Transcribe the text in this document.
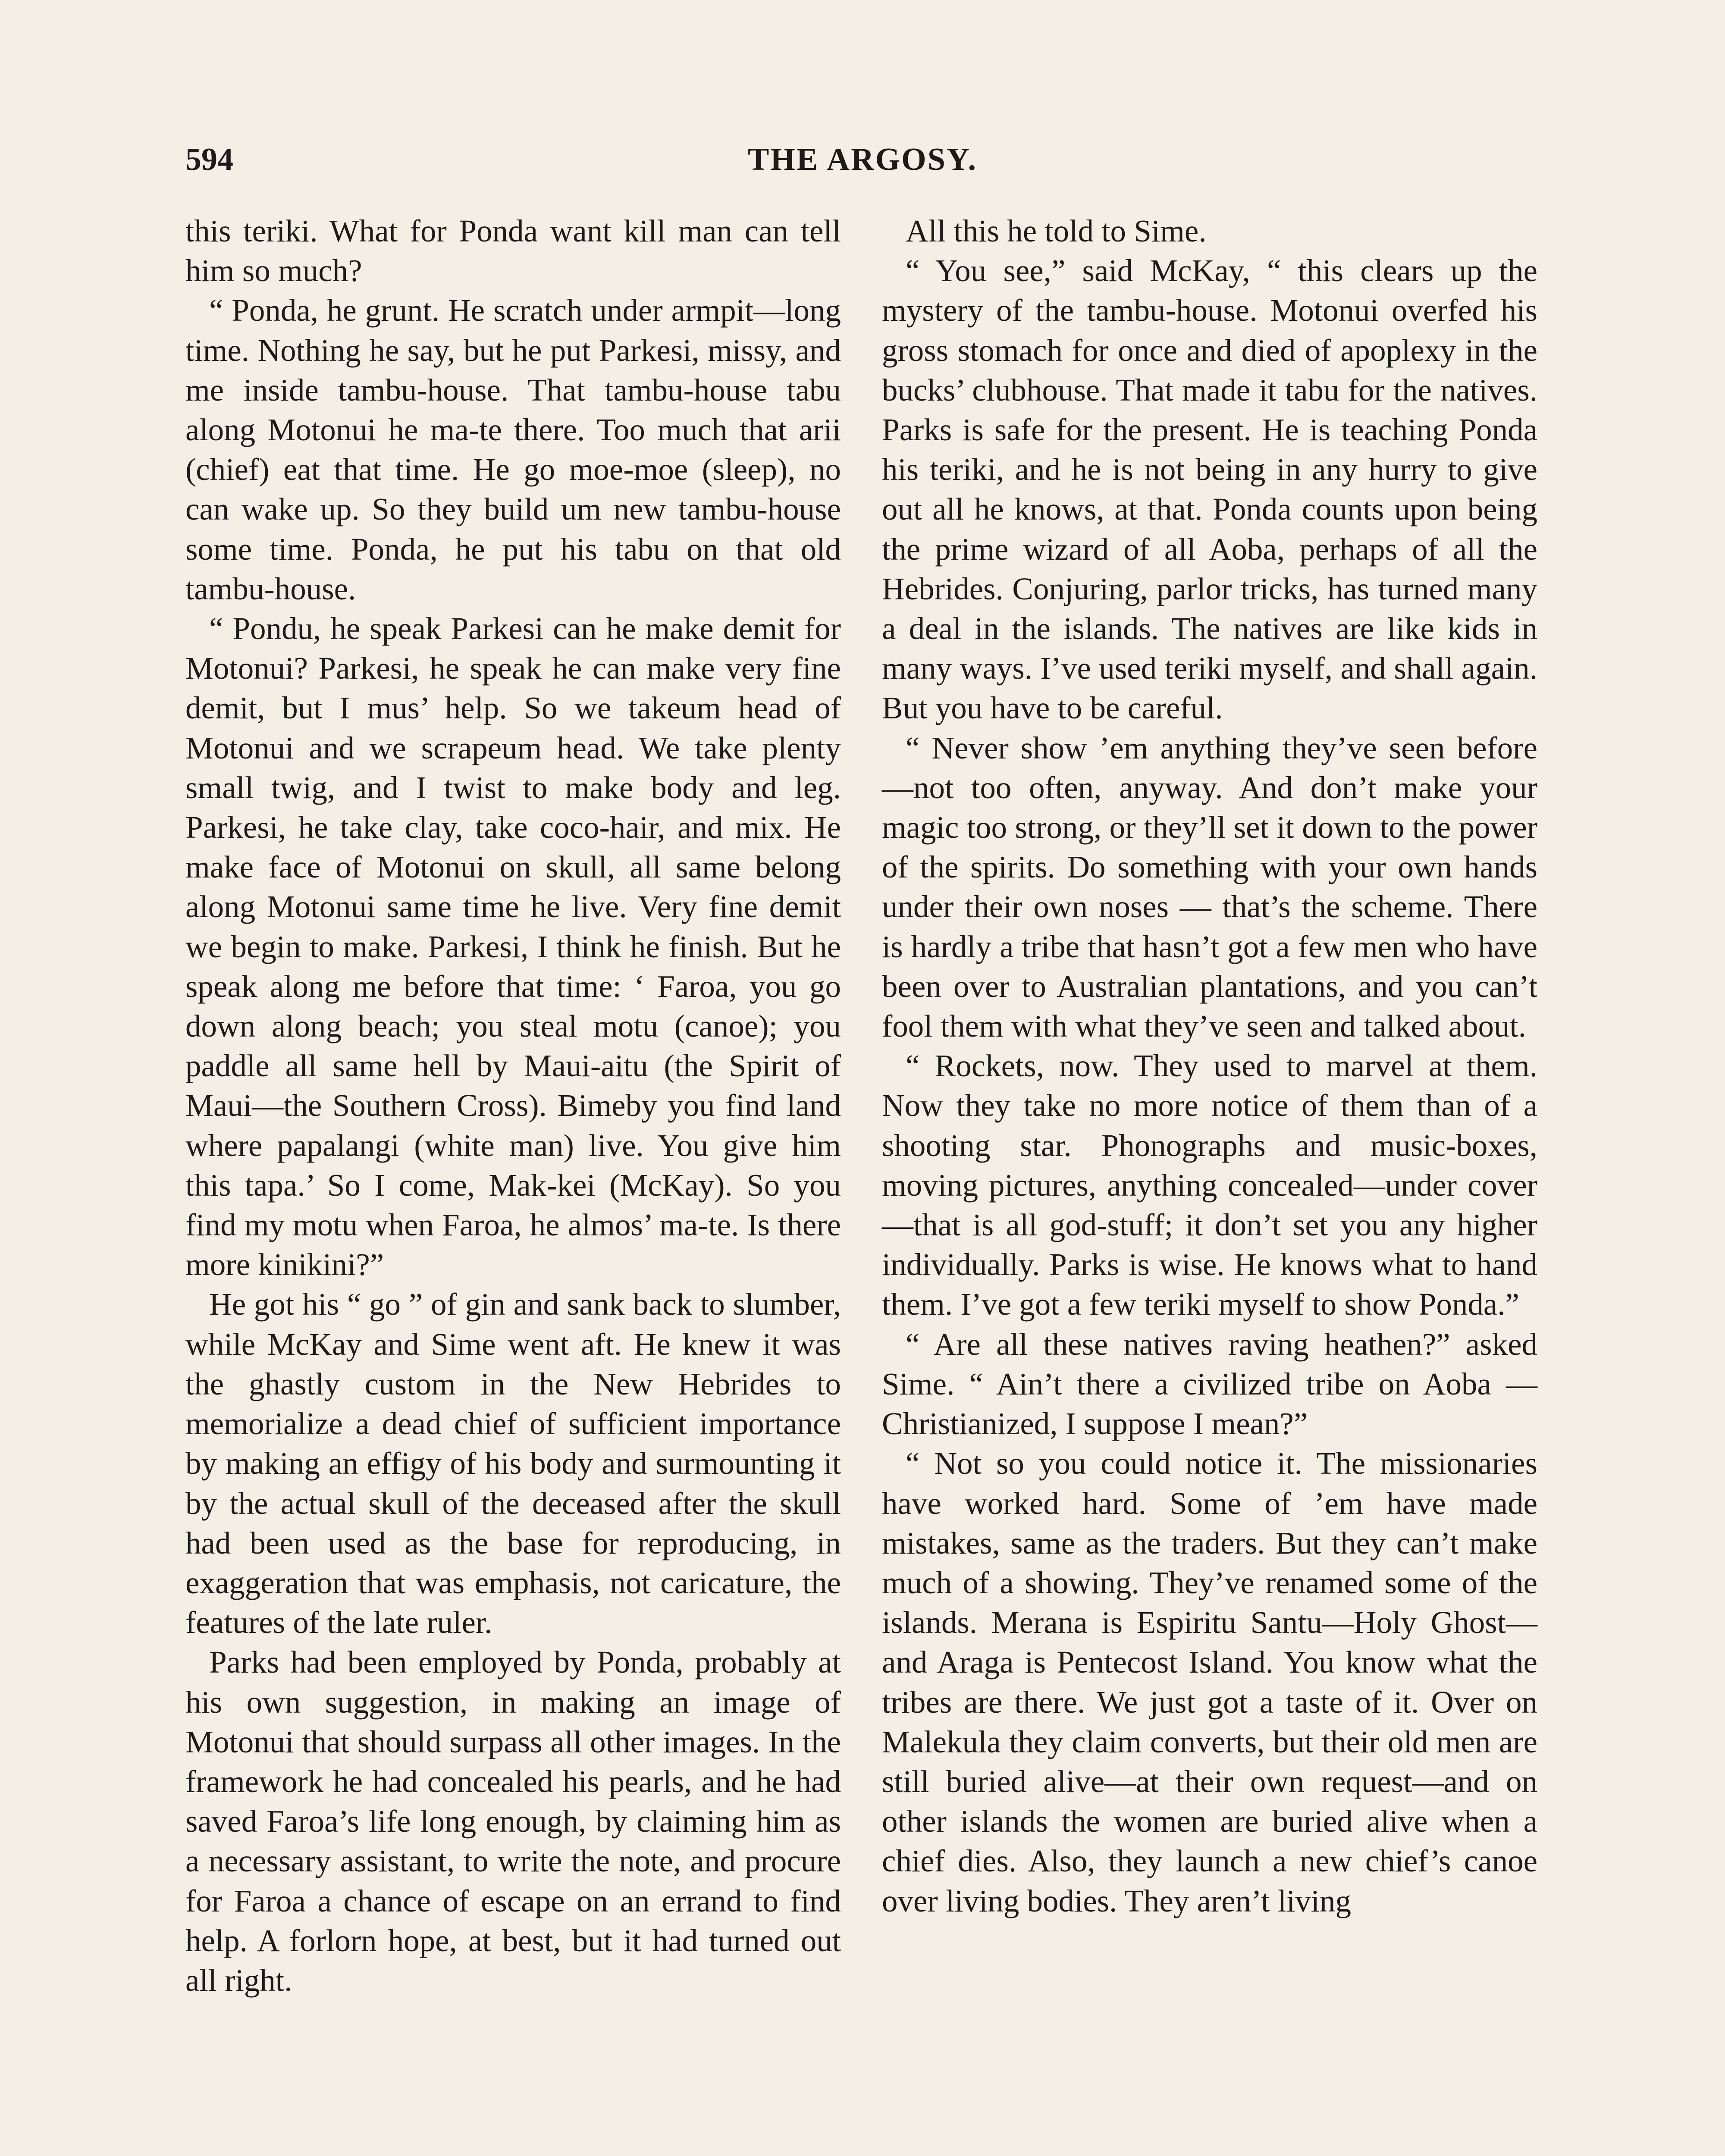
594	THE ARGOSY.

this teriki. What for Ponda want kill man can tell him so much?

“ Ponda, he grunt. He scratch under armpit—long time. Nothing he say, but he put Parkesi, missy, and me inside tambu-house. That tambu-house tabu along Motonui he ma-te there. Too much that arii (chief) eat that time. He go moe-moe (sleep), no can wake up. So they build um new tambu-house some time. Ponda, he put his tabu on that old tambu-house.

“ Pondu, he speak Parkesi can he make demit for Motonui? Parkesi, he speak he can make very fine demit, but I mus’ help. So we takeum head of Motonui and we scrapeum head. We take plenty small twig, and I twist to make body and leg. Parkesi, he take clay, take coco-hair, and mix. He make face of Motonui on skull, all same belong along Motonui same time he live. Very fine demit we begin to make. Parkesi, I think he finish. But he speak along me before that time: ‘ Faroa, you go down along beach; you steal motu (canoe); you paddle all same hell by Maui-aitu (the Spirit of Maui—the Southern Cross). Bimeby you find land where papalangi (white man) live. You give him this tapa.’ So I come, Mak-kei (McKay). So you find my motu when Faroa, he almos’ ma-te. Is there more kinikini?”

He got his “ go ” of gin and sank back to slumber, while McKay and Sime went aft. He knew it was the ghastly custom in the New Hebrides to memorialize a dead chief of sufficient importance by making an effigy of his body and surmounting it by the actual skull of the deceased after the skull had been used as the base for reproducing, in exaggeration that was emphasis, not caricature, the features of the late ruler.

Parks had been employed by Ponda, probably at his own suggestion, in making an image of Motonui that should surpass all other images. In the framework he had concealed his pearls, and he had saved Faroa’s life long enough, by claiming him as a necessary assistant, to write the note, and procure for Faroa a chance of escape on an errand to find help. A forlorn hope, at best, but it had turned out all right.

All this he told to Sime.

“ You see,” said McKay, “ this clears up the mystery of the tambu-house. Motonui overfed his gross stomach for once and died of apoplexy in the bucks’ clubhouse. That made it tabu for the natives. Parks is safe for the present. He is teaching Ponda his teriki, and he is not being in any hurry to give out all he knows, at that. Ponda counts upon being the prime wizard of all Aoba, perhaps of all the Hebrides. Conjuring, parlor tricks, has turned many a deal in the islands. The natives are like kids in many ways. I’ve used teriki myself, and shall again. But you have to be careful.

“ Never show ’em anything they’ve seen before—not too often, anyway. And don’t make your magic too strong, or they’ll set it down to the power of the spirits. Do something with your own hands under their own noses — that’s the scheme. There is hardly a tribe that hasn’t got a few men who have been over to Australian plantations, and you can’t fool them with what they’ve seen and talked about.

“ Rockets, now. They used to marvel at them. Now they take no more notice of them than of a shooting star. Phonographs and music-boxes, moving pictures, anything concealed—under cover—that is all god-stuff; it don’t set you any higher individually. Parks is wise. He knows what to hand them. I’ve got a few teriki myself to show Ponda.”

“ Are all these natives raving heathen?” asked Sime. “ Ain’t there a civilized tribe on Aoba — Christianized, I suppose I mean?”

“ Not so you could notice it. The missionaries have worked hard. Some of ’em have made mistakes, same as the traders. But they can’t make much of a showing. They’ve renamed some of the islands. Merana is Espiritu Santu—Holy Ghost—and Araga is Pentecost Island. You know what the tribes are there. We just got a taste of it. Over on Malekula they claim converts, but their old men are still buried alive—at their own request—and on other islands the women are buried alive when a chief dies. Also, they launch a new chief’s canoe over living bodies. They aren’t living
